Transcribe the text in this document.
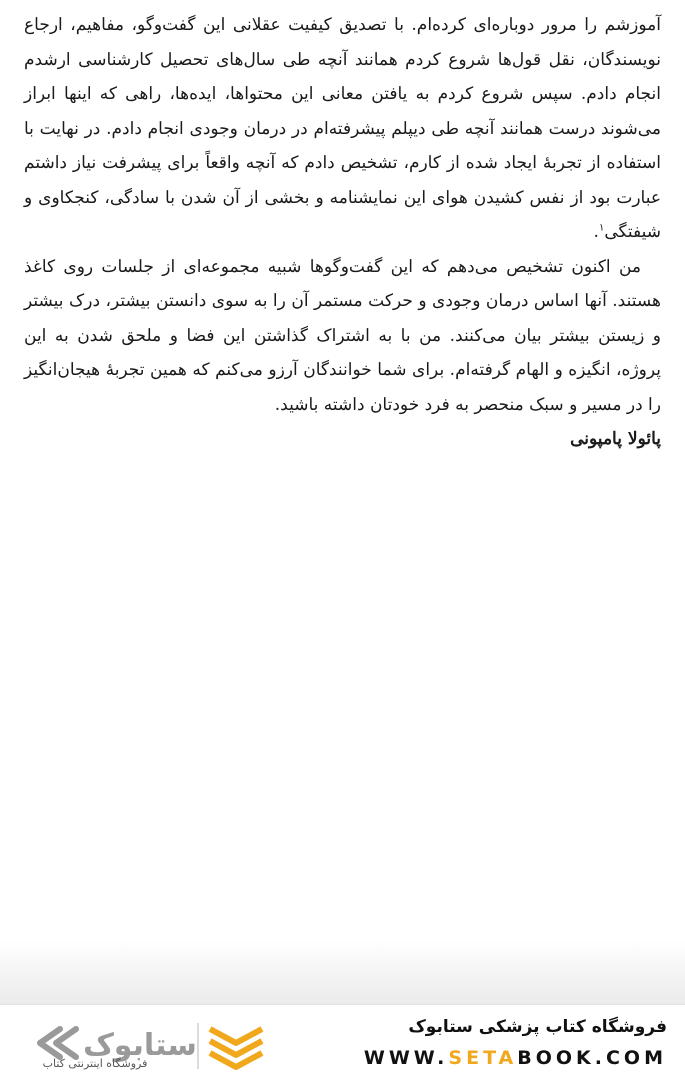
آموزشم را مرور دوباره‌ای کرده‌ام. با تصدیق کیفیت عقلانی این گفت‌وگو، مفاهیم، ارجاع نویسندگان، نقل قول‌ها شروع کردم همانند آنچه طی سال‌های تحصیل کارشناسی ارشدم انجام دادم. سپس شروع کردم به یافتن معانی این محتواها، ایده‌ها، راهی که اینها ابراز می‌شوند درست همانند آنچه طی دیپلم پیشرفته‌ام در درمان وجودی انجام دادم. در نهایت با استفاده از تجربهٔ ایجاد شده از کارم، تشخیص دادم که آنچه واقعاً برای پیشرفت نیاز داشتم عبارت بود از نفس کشیدن هوای این نمایشنامه و بخشی از آن شدن با سادگی، کنجکاوی و شیفتگی$^۱$.

من اکنون تشخیص می‌دهم که این گفت‌وگوها شبیه مجموعه‌ای از جلسات روی کاغذ هستند. آنها اساس درمان وجودی و حرکت مستمر آن را به سوی دانستن بیشتر، درک بیشتر و زیستن بیشتر بیان می‌کنند. من با به اشتراک گذاشتن این فضا و ملحق شدن به این پروژه، انگیزه و الهام گرفته‌ام. برای شما خوانندگان آرزو می‌کنم که همین تجربهٔ هیجان‌انگیز را در مسیر و سبک منحصر به فرد خودتان داشته باشید.

پائولا پامپونی

ستابوک
فروشگاه اینترنتی کتاب
فروشگاه کتاب پزشکی ستابوک
WWW.SETABOOK.COM
